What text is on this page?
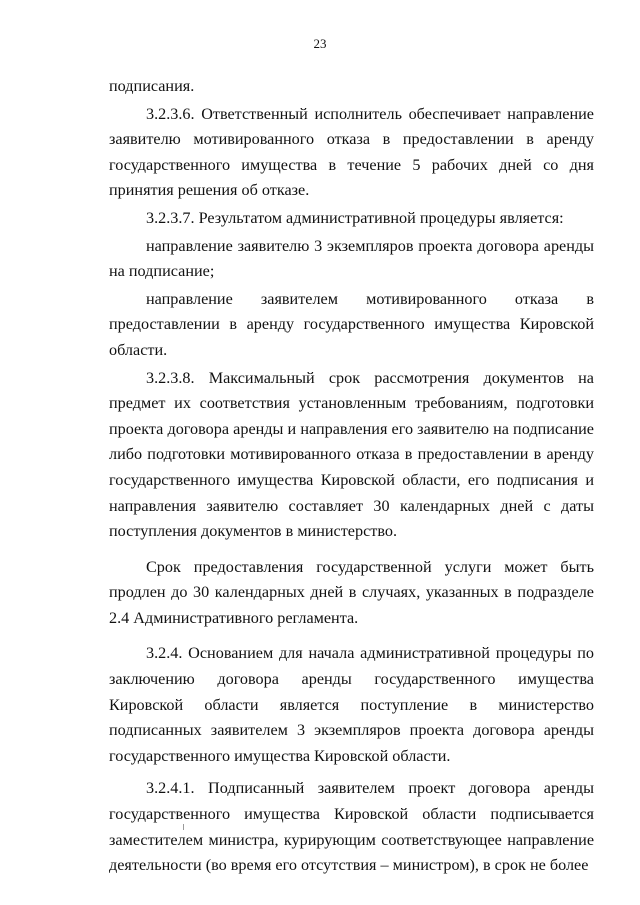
23

подписания.

3.2.3.6. Ответственный исполнитель обеспечивает направление заявителю мотивированного отказа в предоставлении в аренду государственного имущества в течение 5 рабочих дней со дня принятия решения об отказе.

3.2.3.7. Результатом административной процедуры является:

направление заявителю 3 экземпляров проекта договора аренды на подписание;

направление заявителем мотивированного отказа в предоставлении в аренду государственного имущества Кировской области.

3.2.3.8. Максимальный срок рассмотрения документов на предмет их соответствия установленным требованиям, подготовки проекта договора аренды и направления его заявителю на подписание либо подготовки мотивированного отказа в предоставлении в аренду государственного имущества Кировской области, его подписания и направления заявителю составляет 30 календарных дней с даты поступления документов в министерство.

Срок предоставления государственной услуги может быть продлен до 30 календарных дней в случаях, указанных в подразделе 2.4 Административного регламента.

3.2.4. Основанием для начала административной процедуры по заключению договора аренды государственного имущества Кировской области является поступление в министерство подписанных заявителем 3 экземпляров проекта договора аренды государственного имущества Кировской области.

3.2.4.1. Подписанный заявителем проект договора аренды государственного имущества Кировской области подписывается заместителем министра, курирующим соответствующее направление деятельности (во время его отсутствия – министром), в срок не более
